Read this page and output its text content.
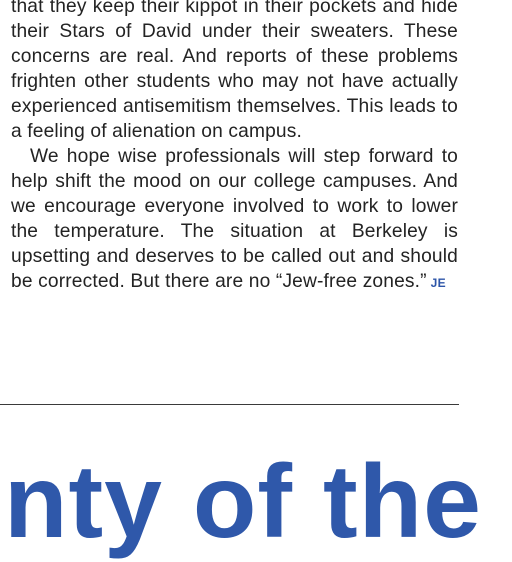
that they keep their kippot in their pockets and hide their Stars of David under their sweaters. These concerns are real. And reports of these problems frighten other students who may not have actually experienced antisemitism themselves. This leads to a feeling of alienation on campus.

We hope wise professionals will step forward to help shift the mood on our college campuses. And we encourage everyone involved to work to lower the temperature. The situation at Berkeley is upsetting and deserves to be called out and should be corrected. But there are no “Jew-free zones.” JE

nty of the
